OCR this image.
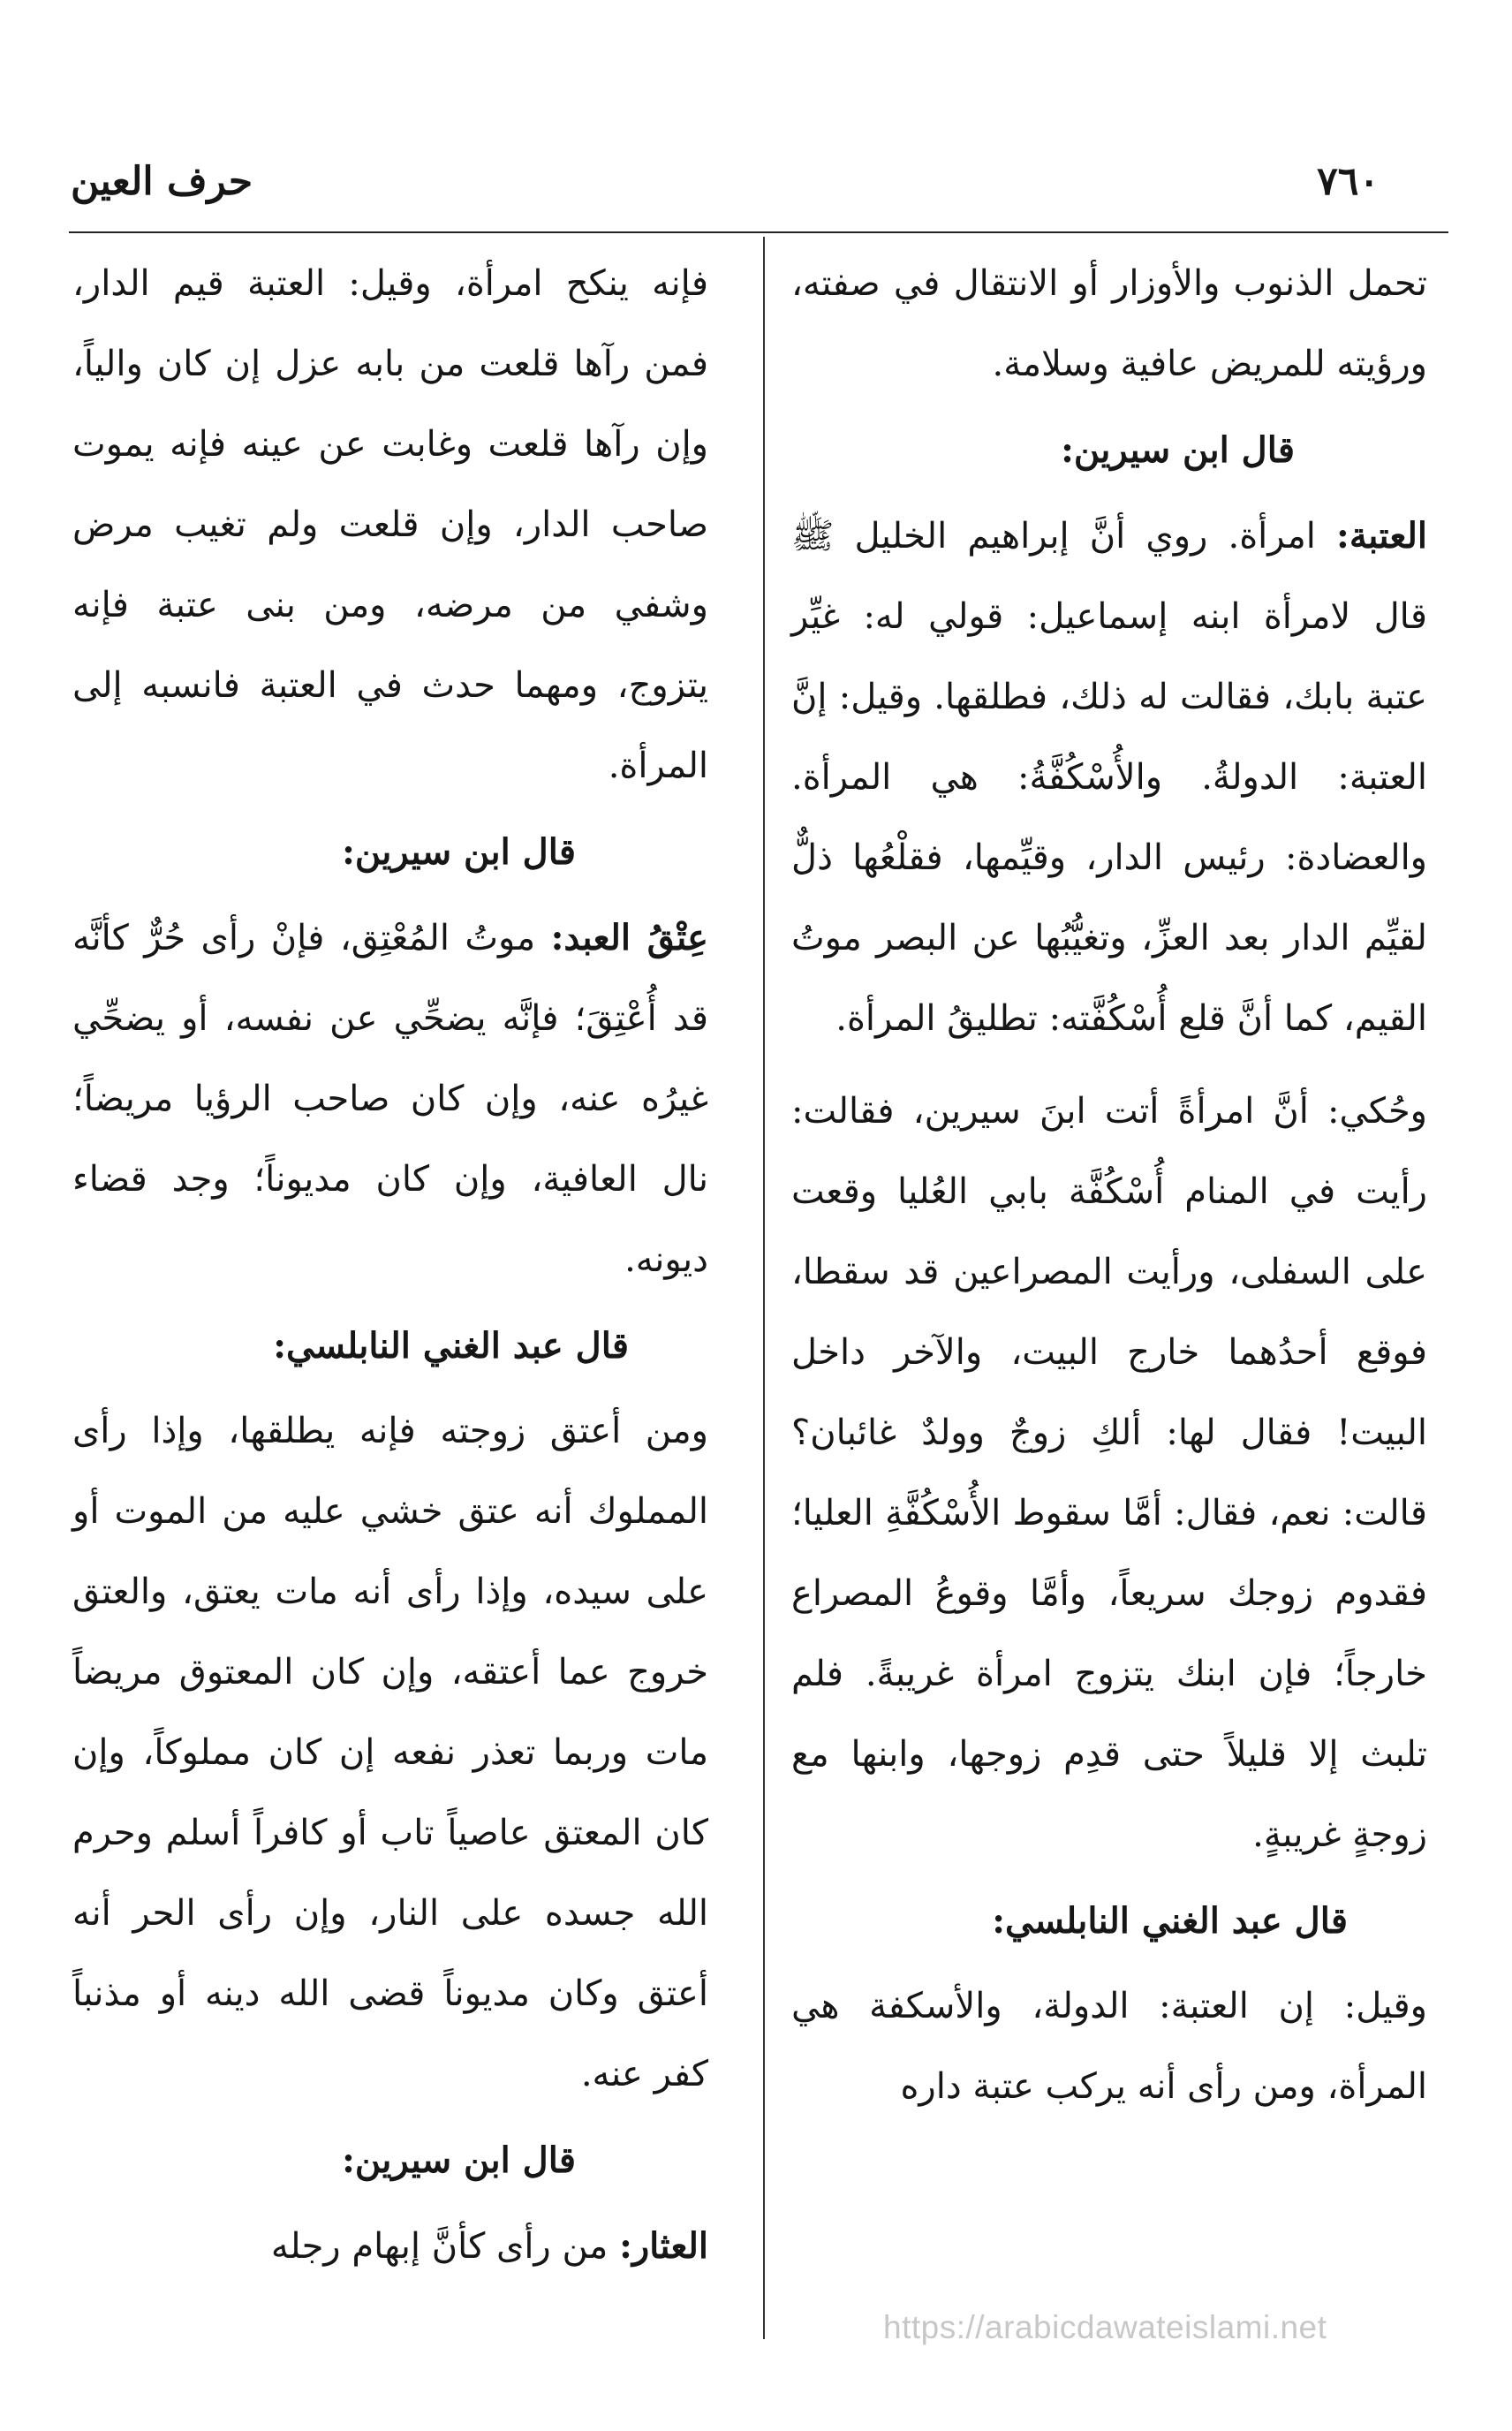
٧٦٠
حرف العين

تحمل الذنوب والأوزار أو الانتقال في صفته، ورؤيته للمريض عافية وسلامة.

قال ابن سيرين:

العتبة: امرأة. روي أنَّ إبراهيم الخليل ﷺ قال لامرأة ابنه إسماعيل: قولي له: غيِّر عتبة بابك، فقالت له ذلك، فطلقها. وقيل: إنَّ العتبة: الدولةُ. والأُسْكُفَّةُ: هي المرأة. والعضادة: رئيس الدار، وقيِّمها، فقلْعُها ذلٌّ لقيِّم الدار بعد العزِّ، وتغيُّبُها عن البصر موتُ القيم، كما أنَّ قلع أُسْكُفَّته: تطليقُ المرأة.

وحُكي: أنَّ امرأةً أتت ابنَ سيرين، فقالت: رأيت في المنام أُسْكُفَّة بابي العُليا وقعت على السفلى، ورأيت المصراعين قد سقطا، فوقع أحدُهما خارج البيت، والآخر داخل البيت! فقال لها: ألكِ زوجٌ وولدٌ غائبان؟ قالت: نعم، فقال: أمَّا سقوط الأُسْكُفَّةِ العليا؛ فقدوم زوجك سريعاً، وأمَّا وقوعُ المصراع خارجاً؛ فإن ابنك يتزوج امرأة غريبةً. فلم تلبث إلا قليلاً حتى قدِم زوجها، وابنها مع زوجةٍ غريبةٍ.

قال عبد الغني النابلسي:

وقيل: إن العتبة: الدولة، والأسكفة هي المرأة، ومن رأى أنه يركب عتبة داره

فإنه ينكح امرأة، وقيل: العتبة قيم الدار، فمن رآها قلعت من بابه عزل إن كان والياً، وإن رآها قلعت وغابت عن عينه فإنه يموت صاحب الدار، وإن قلعت ولم تغيب مرض وشفي من مرضه، ومن بنى عتبة فإنه يتزوج، ومهما حدث في العتبة فانسبه إلى المرأة.

قال ابن سيرين:

عِتْقُ العبد: موتُ المُعْتِق، فإنْ رأى حُرٌّ كأنَّه قد أُعْتِقَ؛ فإنَّه يضحِّي عن نفسه، أو يضحِّي غيرُه عنه، وإن كان صاحب الرؤيا مريضاً؛ نال العافية، وإن كان مديوناً؛ وجد قضاء ديونه.

قال عبد الغني النابلسي:

ومن أعتق زوجته فإنه يطلقها، وإذا رأى المملوك أنه عتق خشي عليه من الموت أو على سيده، وإذا رأى أنه مات يعتق، والعتق خروج عما أعتقه، وإن كان المعتوق مريضاً مات وربما تعذر نفعه إن كان مملوكاً، وإن كان المعتق عاصياً تاب أو كافراً أسلم وحرم الله جسده على النار، وإن رأى الحر أنه أعتق وكان مديوناً قضى الله دينه أو مذنباً كفر عنه.

قال ابن سيرين:

العثار: من رأى كأنَّ إبهام رجله

https://arabicdawateislami.net
